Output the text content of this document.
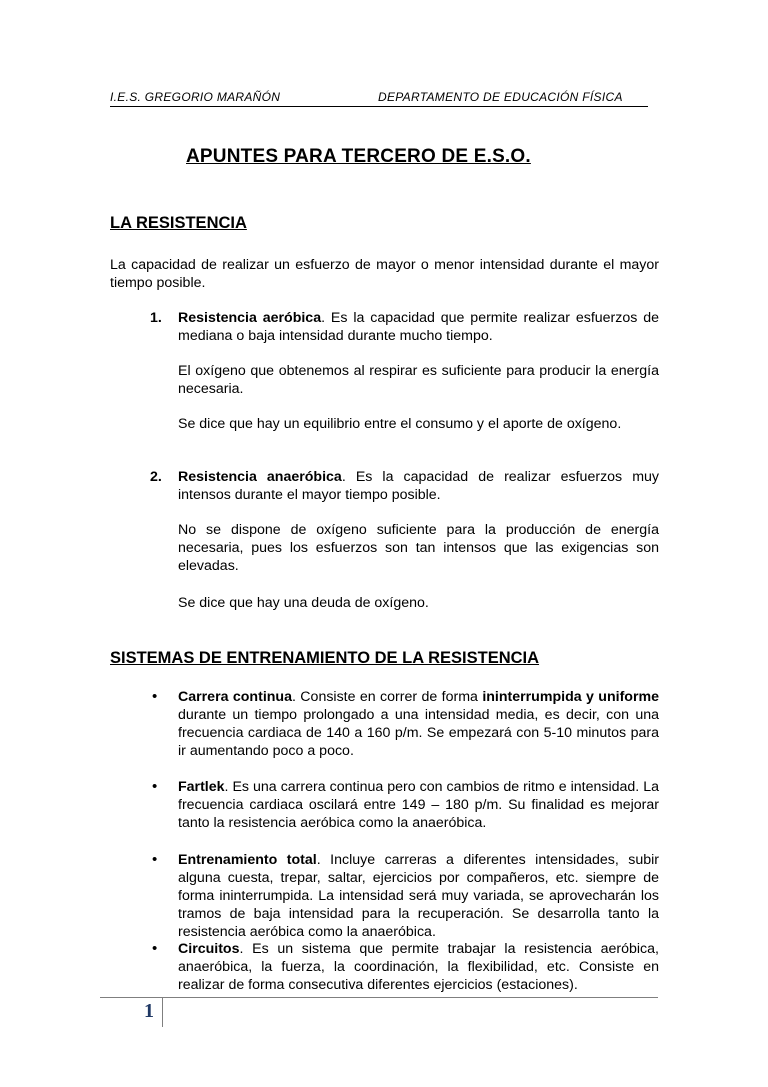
I.E.S. GREGORIO MARAÑÓN	DEPARTAMENTO DE EDUCACIÓN FÍSICA
APUNTES PARA TERCERO DE E.S.O.
LA RESISTENCIA
La capacidad de realizar un esfuerzo de mayor o menor intensidad durante el mayor tiempo posible.
1. Resistencia aeróbica. Es la capacidad que permite realizar esfuerzos de mediana o baja intensidad durante mucho tiempo.
El oxígeno que obtenemos al respirar es suficiente para producir la energía necesaria.
Se dice que hay un equilibrio entre el consumo y el aporte de oxígeno.
2. Resistencia anaeróbica. Es la capacidad de realizar esfuerzos muy intensos durante el mayor tiempo posible.
No se dispone de oxígeno suficiente para la producción de energía necesaria, pues los esfuerzos son tan intensos que las exigencias son elevadas.
Se dice que hay una deuda de oxígeno.
SISTEMAS DE ENTRENAMIENTO DE LA RESISTENCIA
• Carrera continua. Consiste en correr de forma ininterrumpida y uniforme durante un tiempo prolongado a una intensidad media, es decir, con una frecuencia cardiaca de 140 a 160 p/m. Se empezará con 5-10 minutos para ir aumentando poco a poco.
• Fartlek. Es una carrera continua pero con cambios de ritmo e intensidad. La frecuencia cardiaca oscilará entre 149 – 180 p/m. Su finalidad es mejorar tanto la resistencia aeróbica como la anaeróbica.
• Entrenamiento total. Incluye carreras a diferentes intensidades, subir alguna cuesta, trepar, saltar, ejercicios por compañeros, etc. siempre de forma ininterrumpida. La intensidad será muy variada, se aprovecharán los tramos de baja intensidad para la recuperación. Se desarrolla tanto la resistencia aeróbica como la anaeróbica.
• Circuitos. Es un sistema que permite trabajar la resistencia aeróbica, anaeróbica, la fuerza, la coordinación, la flexibilidad, etc. Consiste en realizar de forma consecutiva diferentes ejercicios (estaciones).
1
